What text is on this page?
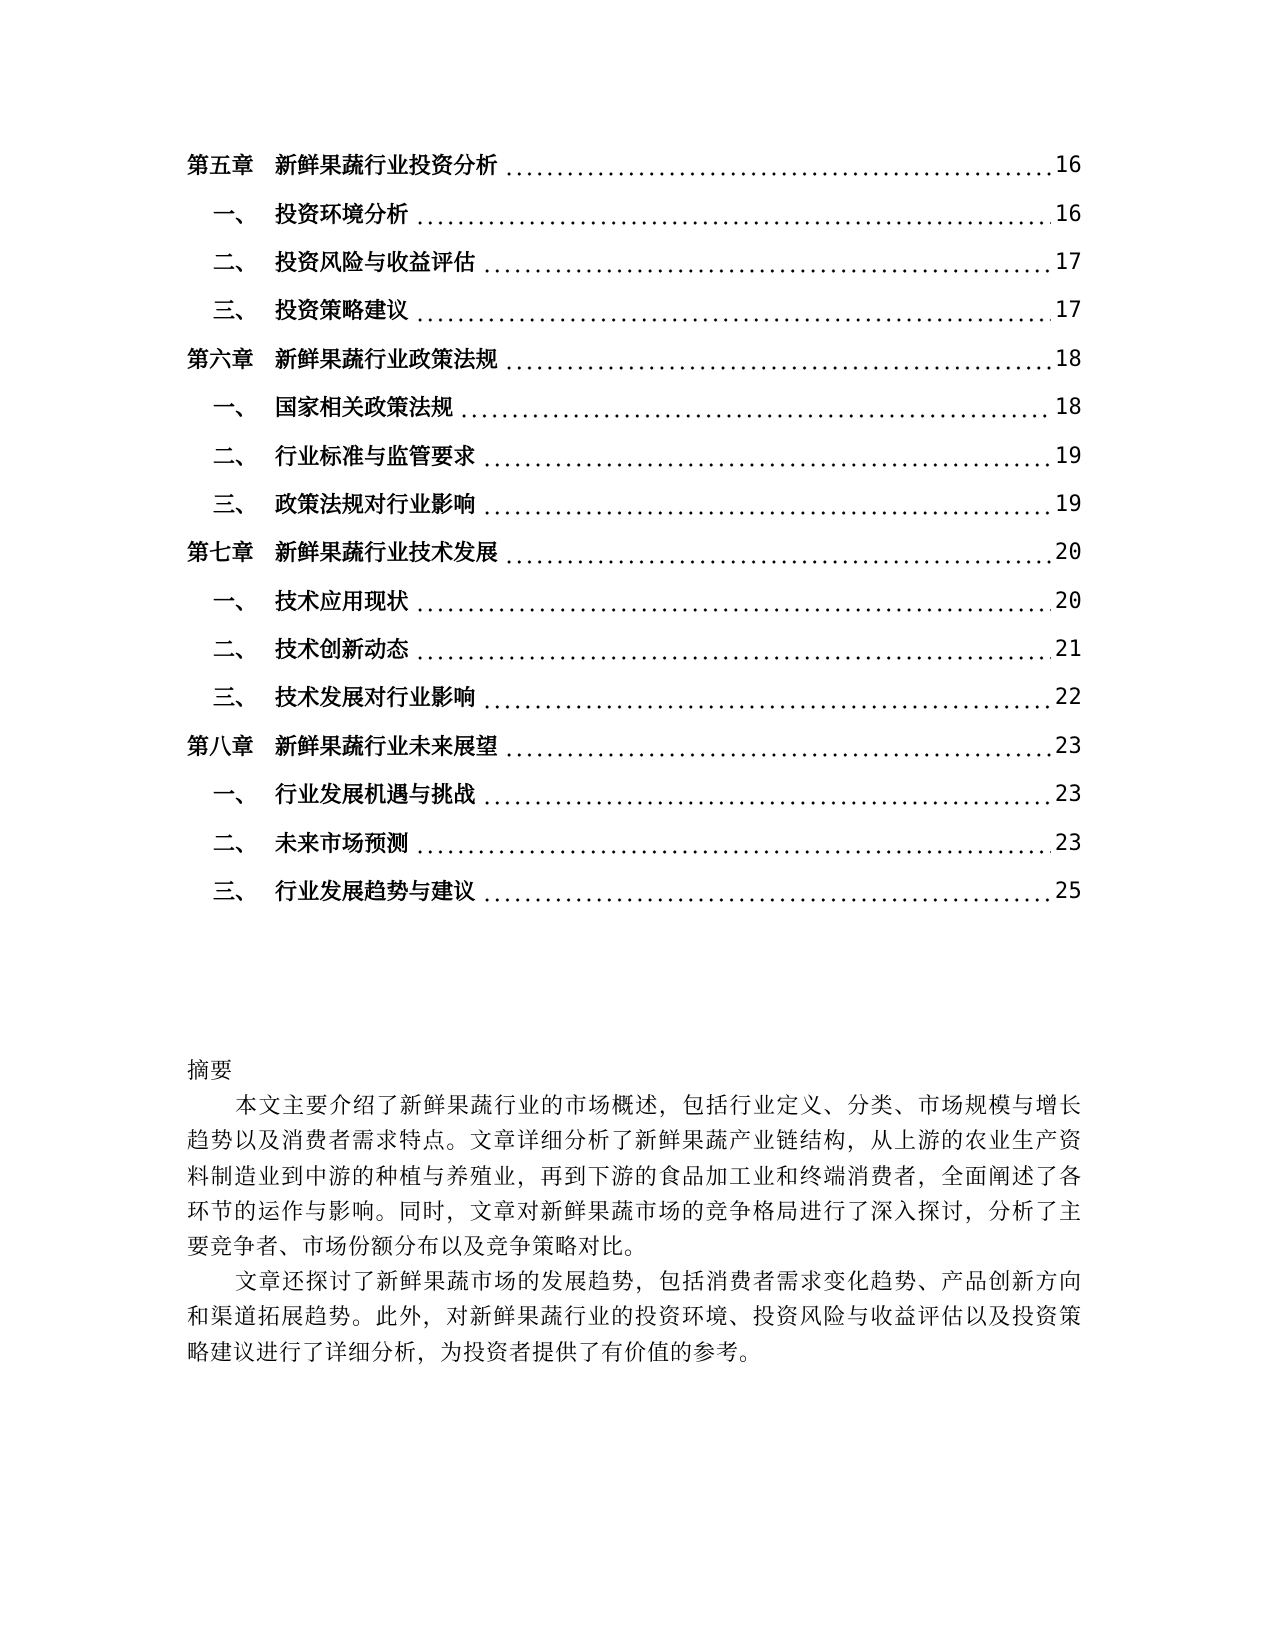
第五章 新鲜果蔬行业投资分析	16
一、 投资环境分析	16
二、 投资风险与收益评估	17
三、 投资策略建议	17
第六章 新鲜果蔬行业政策法规	18
一、 国家相关政策法规	18
二、 行业标准与监管要求	19
三、 政策法规对行业影响	19
第七章 新鲜果蔬行业技术发展	20
一、 技术应用现状	20
二、 技术创新动态	21
三、 技术发展对行业影响	22
第八章 新鲜果蔬行业未来展望	23
一、 行业发展机遇与挑战	23
二、 未来市场预测	23
三、 行业发展趋势与建议	25
摘要

本文主要介绍了新鲜果蔬行业的市场概述，包括行业定义、分类、市场规模与增长趋势以及消费者需求特点。文章详细分析了新鲜果蔬产业链结构，从上游的农业生产资料制造业到中游的种植与养殖业，再到下游的食品加工业和终端消费者，全面阐述了各环节的运作与影响。同时，文章对新鲜果蔬市场的竞争格局进行了深入探讨，分析了主要竞争者、市场份额分布以及竞争策略对比。

文章还探讨了新鲜果蔬市场的发展趋势，包括消费者需求变化趋势、产品创新方向和渠道拓展趋势。此外，对新鲜果蔬行业的投资环境、投资风险与收益评估以及投资策略建议进行了详细分析，为投资者提供了有价值的参考。
